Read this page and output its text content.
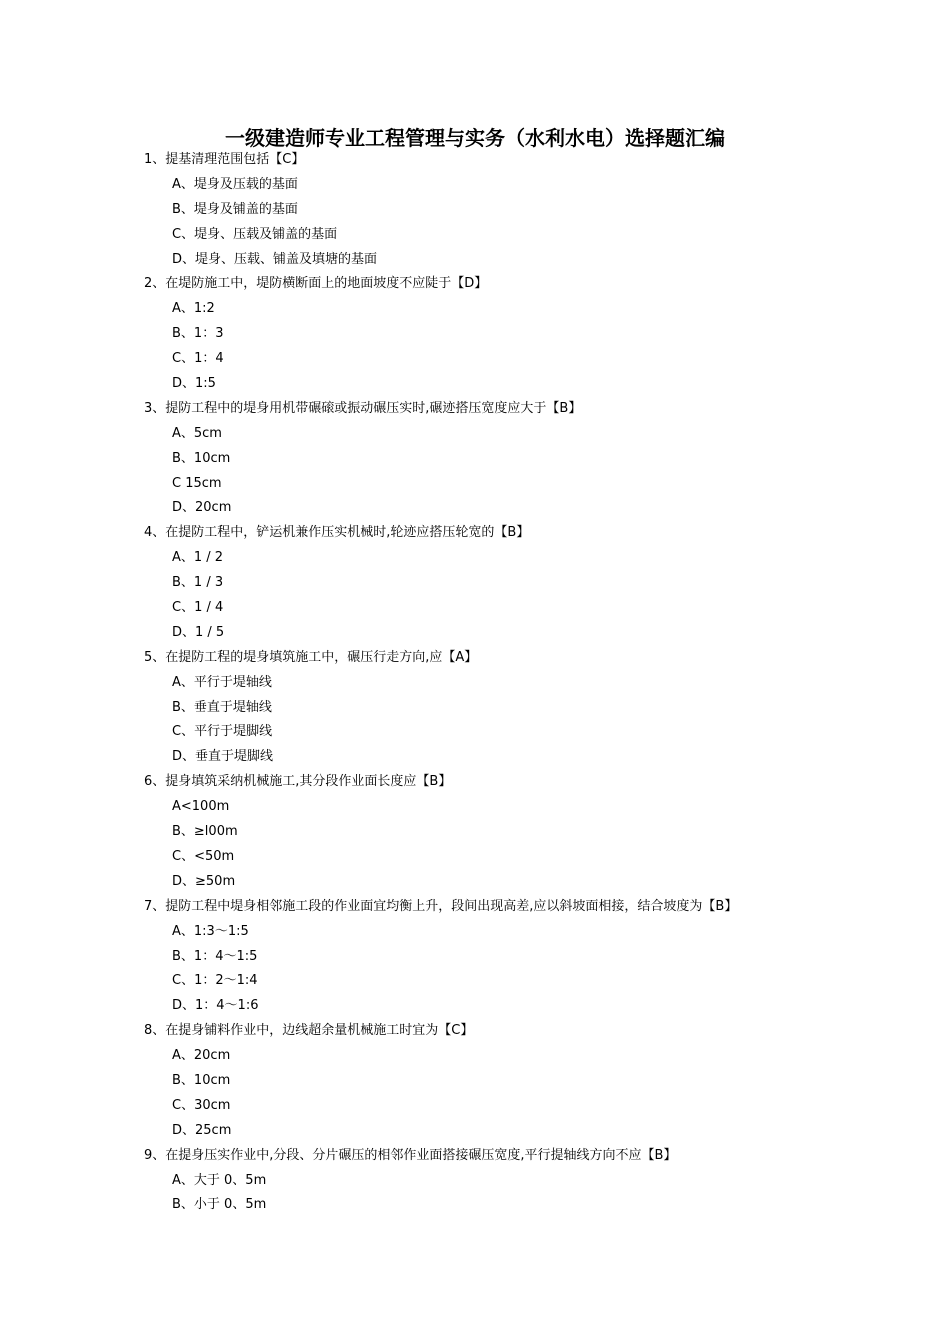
一级建造师专业工程管理与实务（水利水电）选择题汇编
1、提基清理范围包括【C】
A、堤身及压载的基面
B、堤身及铺盖的基面
C、堤身、压载及铺盖的基面
D、堤身、压载、铺盖及填塘的基面
2、在堤防施工中，堤防横断面上的地面坡度不应陡于【D】
A、1:2
B、1：3
C、1：4
D、1:5
3、提防工程中的堤身用机带碾磙或振动碾压实时,碾迹搭压宽度应大于【B】
A、5cm
B、10cm
C 15cm
D、20cm
4、在提防工程中，铲运机兼作压实机械时,轮迹应搭压轮宽的【B】
A、1 / 2
B、1 / 3
C、1 / 4
D、1 / 5
5、在提防工程的堤身填筑施工中，碾压行走方向,应【A】
A、平行于堤轴线
B、垂直于堤轴线
C、平行于堤脚线
D、垂直于堤脚线
6、提身填筑采纳机械施工,其分段作业面长度应【B】
A<100m
B、≥l00m
C、<50m
D、≥50m
7、提防工程中堤身相邻施工段的作业面宜均衡上升，段间出现高差,应以斜坡面相接，结合坡度为【B】
A、1:3～1:5
B、1：4～1:5
C、1：2～1:4
D、1：4～1:6
8、在提身铺料作业中，边线超余量机械施工时宜为【C】
A、20cm
B、10cm
C、30cm
D、25cm
9、在提身压实作业中,分段、分片碾压的相邻作业面搭接碾压宽度,平行提轴线方向不应【B】
A、大于 0、5m
B、小于 0、5m
